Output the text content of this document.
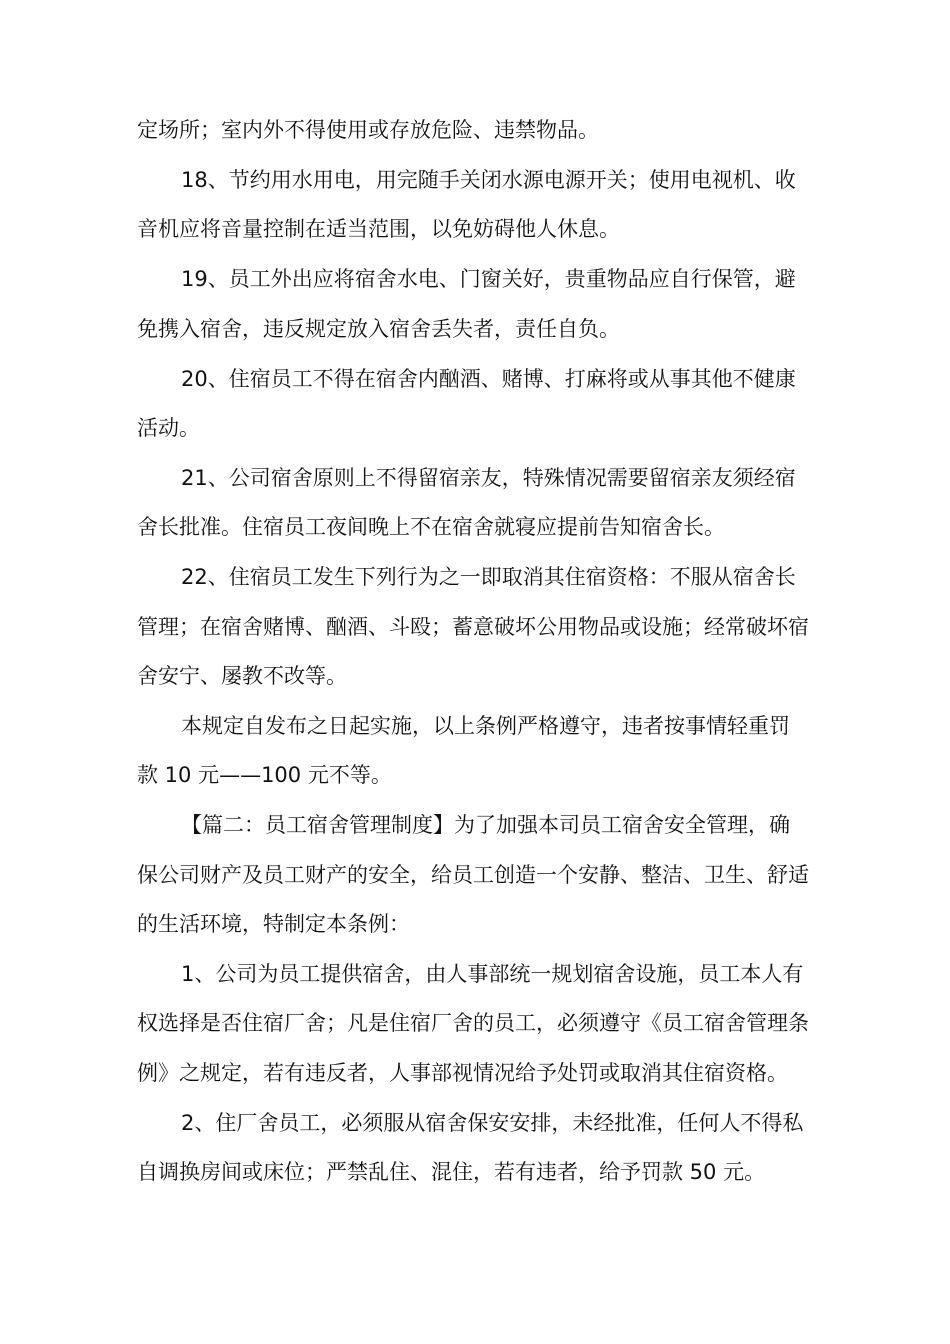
定场所；室内外不得使用或存放危险、违禁物品。
18、节约用水用电，用完随手关闭水源电源开关；使用电视机、收
音机应将音量控制在适当范围，以免妨碍他人休息。
19、员工外出应将宿舍水电、门窗关好，贵重物品应自行保管，避
免携入宿舍，违反规定放入宿舍丢失者，责任自负。
20、住宿员工不得在宿舍内酗酒、赌博、打麻将或从事其他不健康
活动。
21、公司宿舍原则上不得留宿亲友，特殊情况需要留宿亲友须经宿
舍长批准。住宿员工夜间晚上不在宿舍就寝应提前告知宿舍长。
22、住宿员工发生下列行为之一即取消其住宿资格：不服从宿舍长
管理；在宿舍赌博、酗酒、斗殴；蓄意破坏公用物品或设施；经常破坏宿
舍安宁、屡教不改等。
本规定自发布之日起实施，以上条例严格遵守，违者按事情轻重罚
款 10 元——100 元不等。
【篇二：员工宿舍管理制度】为了加强本司员工宿舍安全管理，确
保公司财产及员工财产的安全，给员工创造一个安静、整洁、卫生、舒适
的生活环境，特制定本条例：
1、公司为员工提供宿舍，由人事部统一规划宿舍设施，员工本人有
权选择是否住宿厂舍；凡是住宿厂舍的员工，必须遵守《员工宿舍管理条
例》之规定，若有违反者，人事部视情况给予处罚或取消其住宿资格。
2、住厂舍员工，必须服从宿舍保安安排，未经批准，任何人不得私
自调换房间或床位；严禁乱住、混住，若有违者，给予罚款 50 元。
